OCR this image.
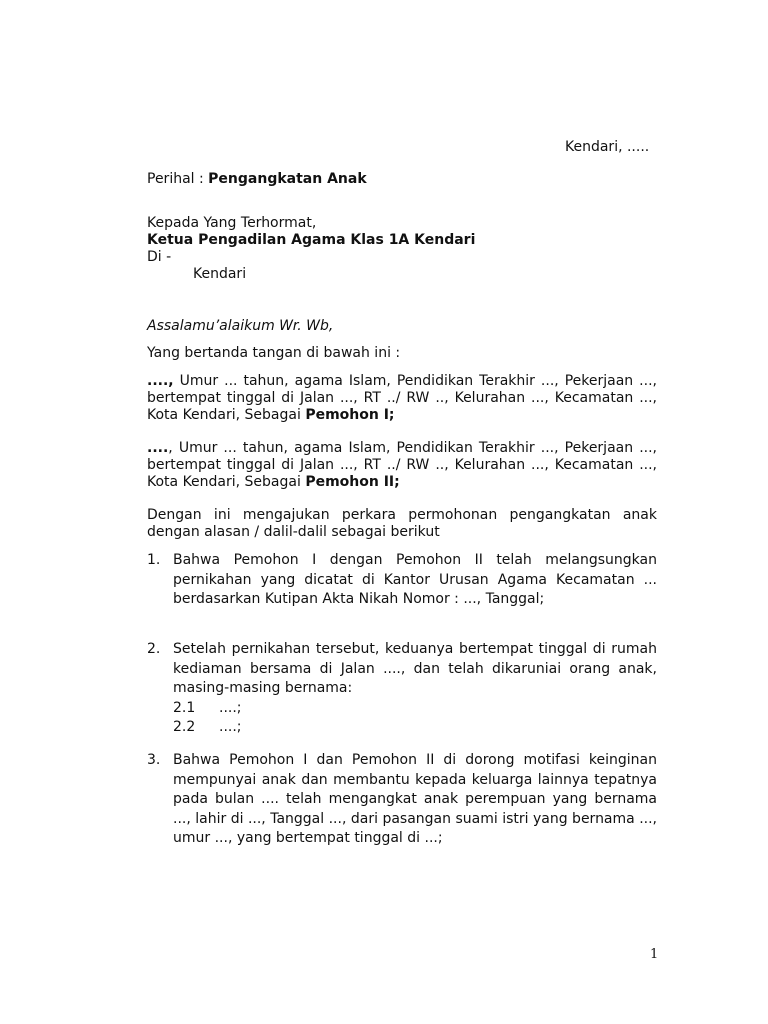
Kendari, .....
Perihal : Pengangkatan Anak
Kepada Yang Terhormat,
Ketua Pengadilan Agama Klas 1A Kendari
Di -
Kendari
Assalamu’alaikum Wr. Wb,
Yang bertanda tangan di bawah ini :
...., Umur ... tahun, agama Islam, Pendidikan Terakhir ..., Pekerjaan ..., bertempat tinggal di Jalan ..., RT ../ RW .., Kelurahan ..., Kecamatan ..., Kota Kendari, Sebagai Pemohon I;
...., Umur ... tahun, agama Islam, Pendidikan Terakhir ..., Pekerjaan ..., bertempat tinggal di Jalan ..., RT ../ RW .., Kelurahan ..., Kecamatan ..., Kota Kendari, Sebagai Pemohon II;
Dengan ini mengajukan perkara permohonan pengangkatan anak dengan alasan / dalil-dalil sebagai berikut
1. Bahwa Pemohon I dengan Pemohon II telah melangsungkan pernikahan yang dicatat di Kantor Urusan Agama Kecamatan ... berdasarkan Kutipan Akta Nikah Nomor : ..., Tanggal;
2. Setelah pernikahan tersebut, keduanya bertempat tinggal di rumah kediaman bersama di Jalan ...., dan telah dikaruniai orang anak, masing-masing bernama:
2.1 ....;
2.2 ....;
3. Bahwa Pemohon I dan Pemohon II di dorong motifasi keinginan mempunyai anak dan membantu kepada keluarga lainnya tepatnya pada bulan .... telah mengangkat anak perempuan yang bernama ..., lahir di ..., Tanggal ..., dari pasangan suami istri yang bernama ..., umur ..., yang bertempat tinggal di ...;
1
